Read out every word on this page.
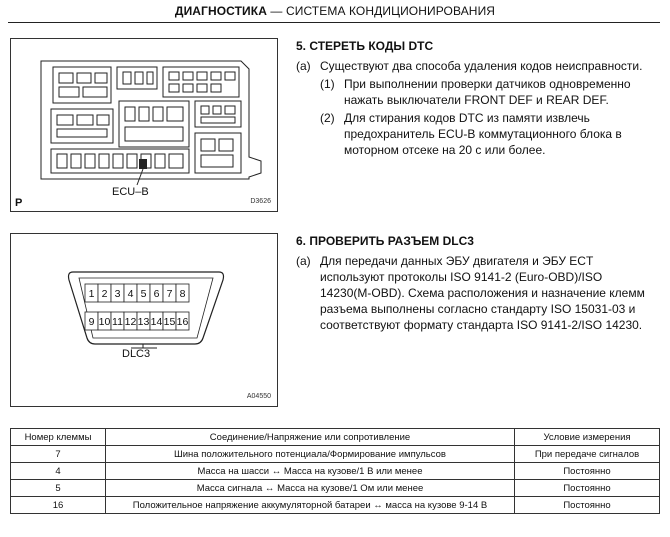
ДИАГНОСТИКА — СИСТЕМА КОНДИЦИОНИРОВАНИЯ
ECU–B
D3626
P
1 2 3 4 5 6 7 8
9 10 11 12 13 14 15 16
DLC3
A04550
5. СТЕРЕТЬ КОДЫ DTC
(a) Существуют два способа удаления кодов неисправности.
(1) При выполнении проверки датчиков одновременно нажать выключатели FRONT DEF и REAR DEF.
(2) Для стирания кодов DTC из памяти извлечь предохранитель ECU-B коммутационного блока в моторном отсеке на 20 с или более.
6. ПРОВЕРИТЬ РАЗЪЕМ DLC3
(a) Для передачи данных ЭБУ двигателя и ЭБУ ECT используют протоколы ISO 9141-2 (Euro-OBD)/ISO 14230(M-OBD). Схема расположения и назначение клемм разъема выполнены согласно стандарту ISO 15031-03 и соответствуют формату стандарта ISO 9141-2/ISO 14230.
Номер клеммы	Соединение/Напряжение или сопротивление	Условие измерения
7	Шина положительного потенциала/Формирование импульсов	При передаче сигналов
4	Масса на шасси ↔ Масса на кузове/1 В или менее	Постоянно
5	Масса сигнала ↔ Масса на кузове/1 Ом или менее	Постоянно
16	Положительное напряжение аккумуляторной батареи ↔ масса на кузове 9-14 В	Постоянно
